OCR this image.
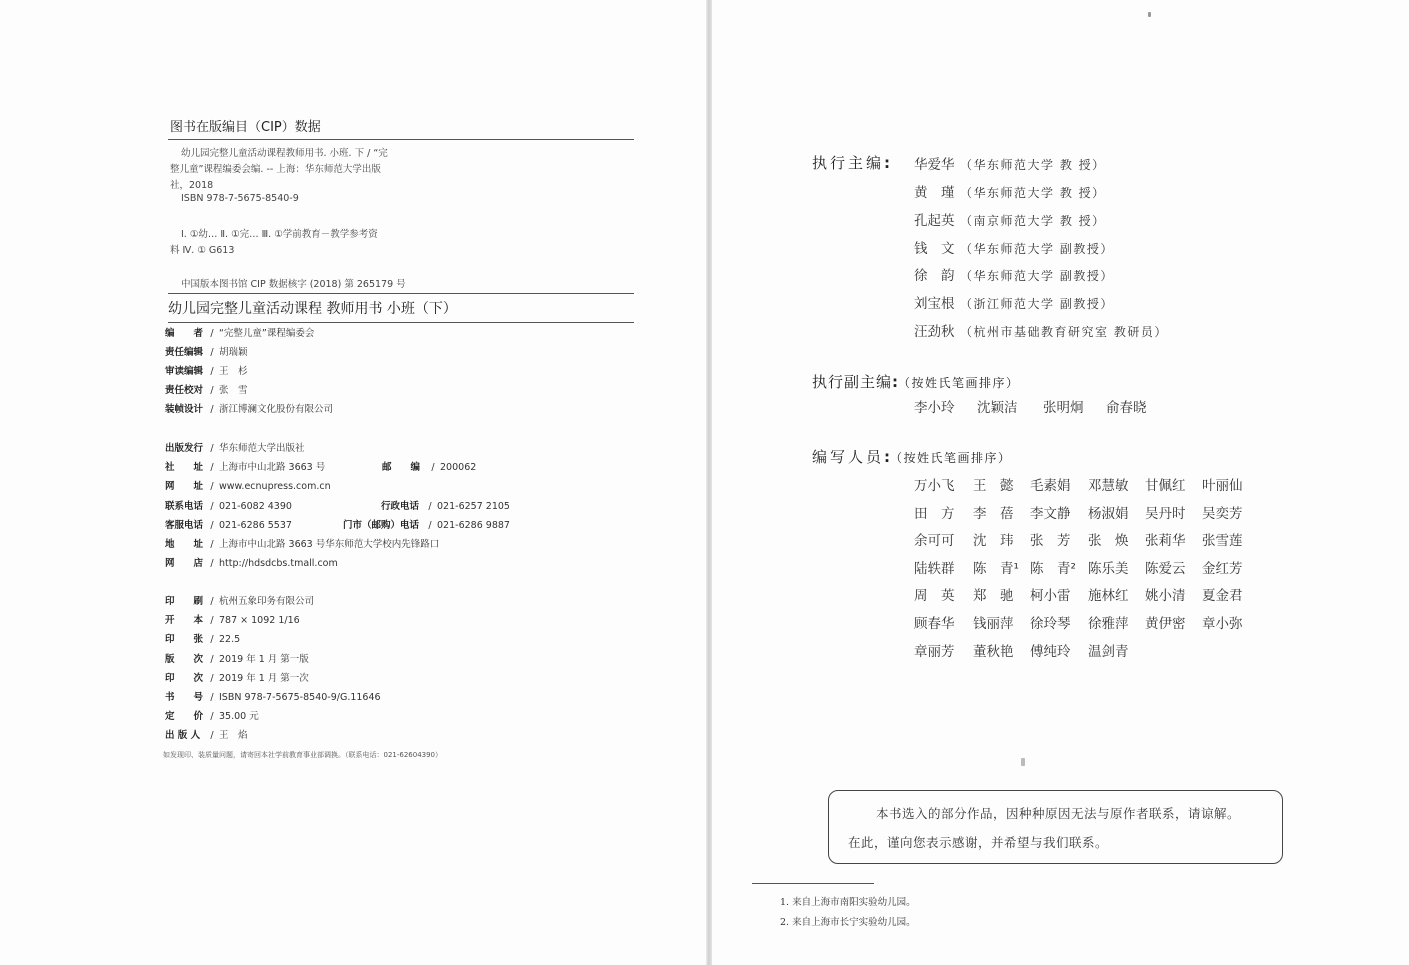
图书在版编目（CIP）数据
幼儿园完整儿童活动课程教师用书. 小班. 下 / “完
整儿童”课程编委会编. -- 上海：华东师范大学出版
社，2018
ISBN 978-7-5675-8540-9
Ⅰ. ①幼… Ⅱ. ①完… Ⅲ. ①学前教育－教学参考资
料 Ⅳ. ① G613
中国版本图书馆 CIP 数据核字 (2018) 第 265179 号
幼儿园完整儿童活动课程 教师用书 小班（下）
编　　者 / “完整儿童”课程编委会
责任编辑 / 胡瑞颖
审读编辑 / 王　杉
责任校对 / 张　雪
装帧设计 / 浙江博澜文化股份有限公司
出版发行 / 华东师范大学出版社
社　　址 / 上海市中山北路 3663 号	邮　　编 / 200062
网　　址 / www.ecnupress.com.cn
联系电话 / 021-6082 4390	行政电话 / 021-6257 2105
客服电话 / 021-6286 5537	门市（邮购）电话 / 021-6286 9887
地　　址 / 上海市中山北路 3663 号华东师范大学校内先锋路口
网　　店 / http://hdsdcbs.tmall.com
印　　刷 / 杭州五象印务有限公司
开　　本 / 787 × 1092 1/16
印　　张 / 22.5
版　　次 / 2019 年 1 月 第一版
印　　次 / 2019 年 1 月 第一次
书　　号 / ISBN 978-7-5675-8540-9/G.11646
定　　价 / 35.00 元
出 版 人 / 王　焰
如发现印、装质量问题，请寄回本社学前教育事业部调换。（联系电话：021-62604390）
执行主编: 华爱华 （华东师范大学 教 授）
黄　瑾 （华东师范大学 教 授）
孔起英 （南京师范大学 教 授）
钱　文 （华东师范大学 副教授）
徐　韵 （华东师范大学 副教授）
刘宝根 （浙江师范大学 副教授）
汪劲秋 （杭州市基础教育研究室 教研员）
执行副主编:（按姓氏笔画排序）
李小玲 沈颖洁 张明炯 俞春晓
编写人员:（按姓氏笔画排序）
万小飞 王　懿 毛素娟 邓慧敏 甘佩红 叶丽仙
田　方 李　蓓 李文静 杨淑娟 吴丹时 吴奕芳
余可可 沈　玮 张　芳 张　焕 张莉华 张雪莲
陆轶群 陈　青¹ 陈　青² 陈乐美 陈爱云 金红芳
周　英 郑　驰 柯小雷 施林红 姚小清 夏金君
顾春华 钱丽萍 徐玲琴 徐雅萍 黄伊密 章小弥
章丽芳 董秋艳 傅纯玲 温剑青
本书选入的部分作品，因种种原因无法与原作者联系，请谅解。
在此，谨向您表示感谢，并希望与我们联系。
1. 来自上海市南阳实验幼儿园。
2. 来自上海市长宁实验幼儿园。
